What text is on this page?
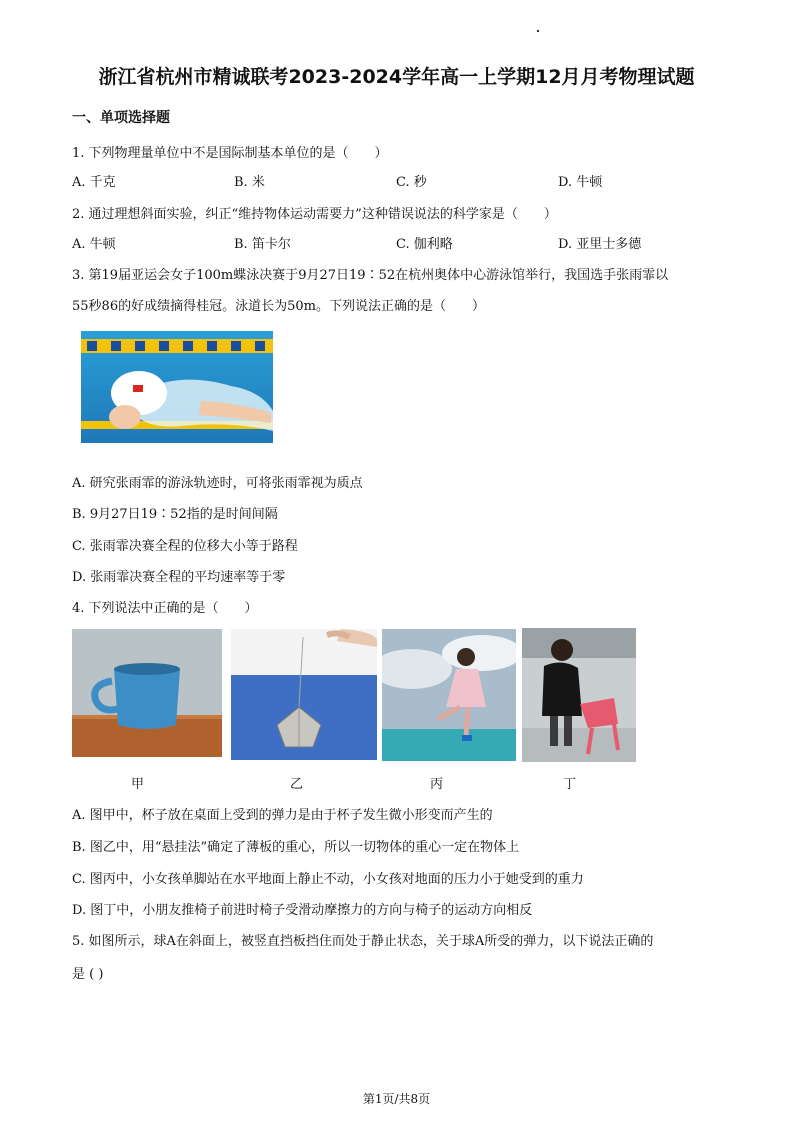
浙江省杭州市精诚联考2023-2024学年高一上学期12月月考物理试题
一、单项选择题
1. 下列物理量单位中不是国际制基本单位的是（　　）
A. 千克	B. 米	C. 秒	D. 牛顿
2. 通过理想斜面实验，纠正“维持物体运动需要力”这种错误说法的科学家是（　　）
A. 牛顿	B. 笛卡尔	C. 伽利略	D. 亚里士多德
3. 第19届亚运会女子100m蝶泳决赛于9月27日19∶52在杭州奥体中心游泳馆举行，我国选手张雨霏以
55秒86的好成绩摘得桂冠。泳道长为50m。下列说法正确的是（　　）
A. 研究张雨霏的游泳轨迹时，可将张雨霏视为质点
B. 9月27日19∶52指的是时间间隔
C. 张雨霏决赛全程的位移大小等于路程
D. 张雨霏决赛全程的平均速率等于零
4. 下列说法中正确的是（　　）
甲	乙	丙	丁
A. 图甲中，杯子放在桌面上受到的弹力是由于杯子发生微小形变而产生的
B. 图乙中，用“悬挂法”确定了薄板的重心，所以一切物体的重心一定在物体上
C. 图丙中，小女孩单脚站在水平地面上静止不动，小女孩对地面的压力小于她受到的重力
D. 图丁中，小朋友推椅子前进时椅子受滑动摩擦力的方向与椅子的运动方向相反
5. 如图所示，球A在斜面上，被竖直挡板挡住而处于静止状态，关于球A所受的弹力，以下说法正确的
是 ( )
第1页/共8页
